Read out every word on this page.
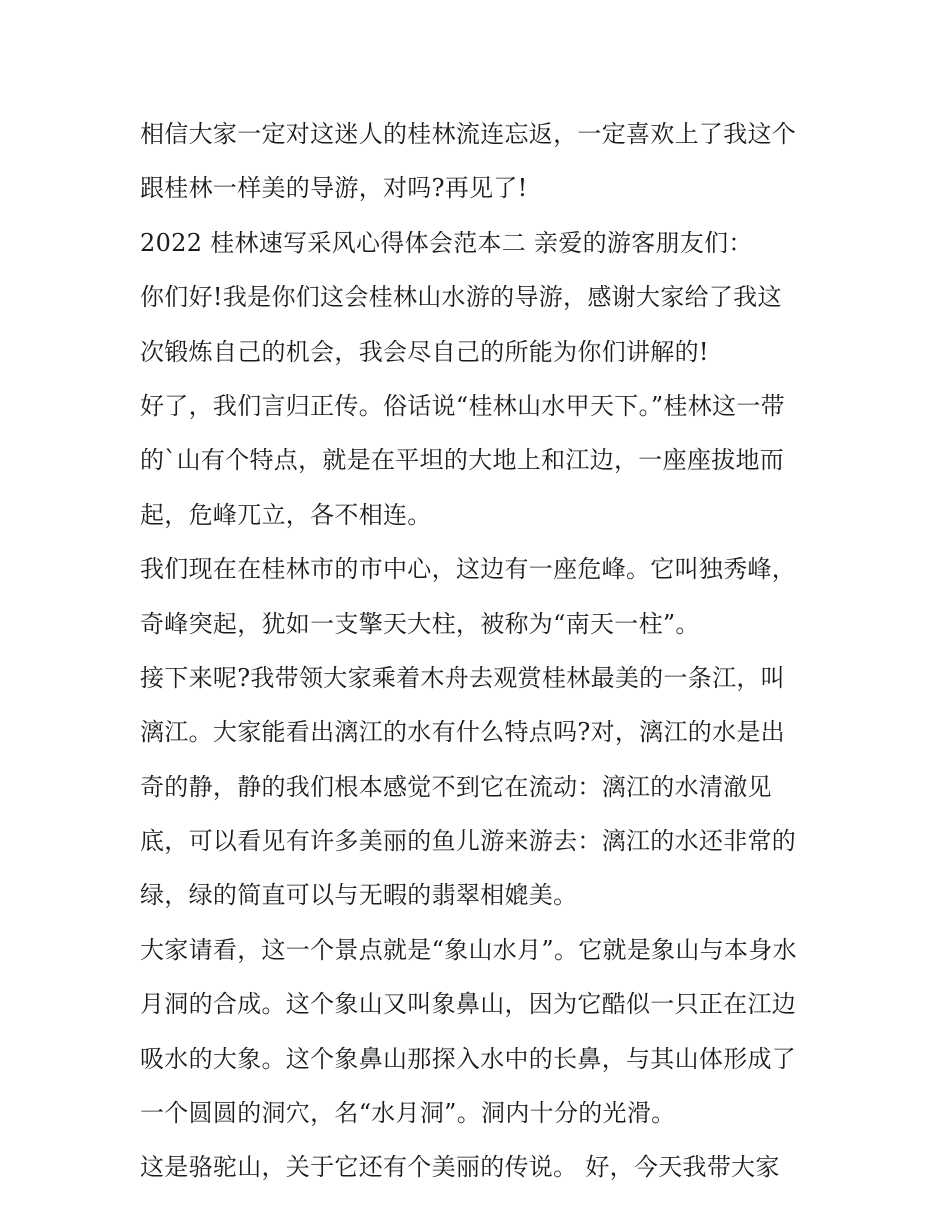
相信大家一定对这迷人的桂林流连忘返，一定喜欢上了我这个
跟桂林一样美的导游，对吗?再见了!
2022 桂林速写采风心得体会范本二 亲爱的游客朋友们：
你们好!我是你们这会桂林山水游的导游，感谢大家给了我这
次锻炼自己的机会，我会尽自己的所能为你们讲解的!
好了，我们言归正传。俗话说“桂林山水甲天下。”桂林这一带
的`山有个特点，就是在平坦的大地上和江边，一座座拔地而
起，危峰兀立，各不相连。
我们现在在桂林市的市中心，这边有一座危峰。它叫独秀峰，
奇峰突起，犹如一支擎天大柱，被称为“南天一柱”。
接下来呢?我带领大家乘着木舟去观赏桂林最美的一条江，叫
漓江。大家能看出漓江的水有什么特点吗?对，漓江的水是出
奇的静，静的我们根本感觉不到它在流动：漓江的水清澈见
底，可以看见有许多美丽的鱼儿游来游去：漓江的水还非常的
绿，绿的简直可以与无暇的翡翠相媲美。
大家请看，这一个景点就是“象山水月”。它就是象山与本身水
月洞的合成。这个象山又叫象鼻山，因为它酷似一只正在江边
吸水的大象。这个象鼻山那探入水中的长鼻，与其山体形成了
一个圆圆的洞穴，名“水月洞”。洞内十分的光滑。
这是骆驼山，关于它还有个美丽的传说。 好，今天我带大家
